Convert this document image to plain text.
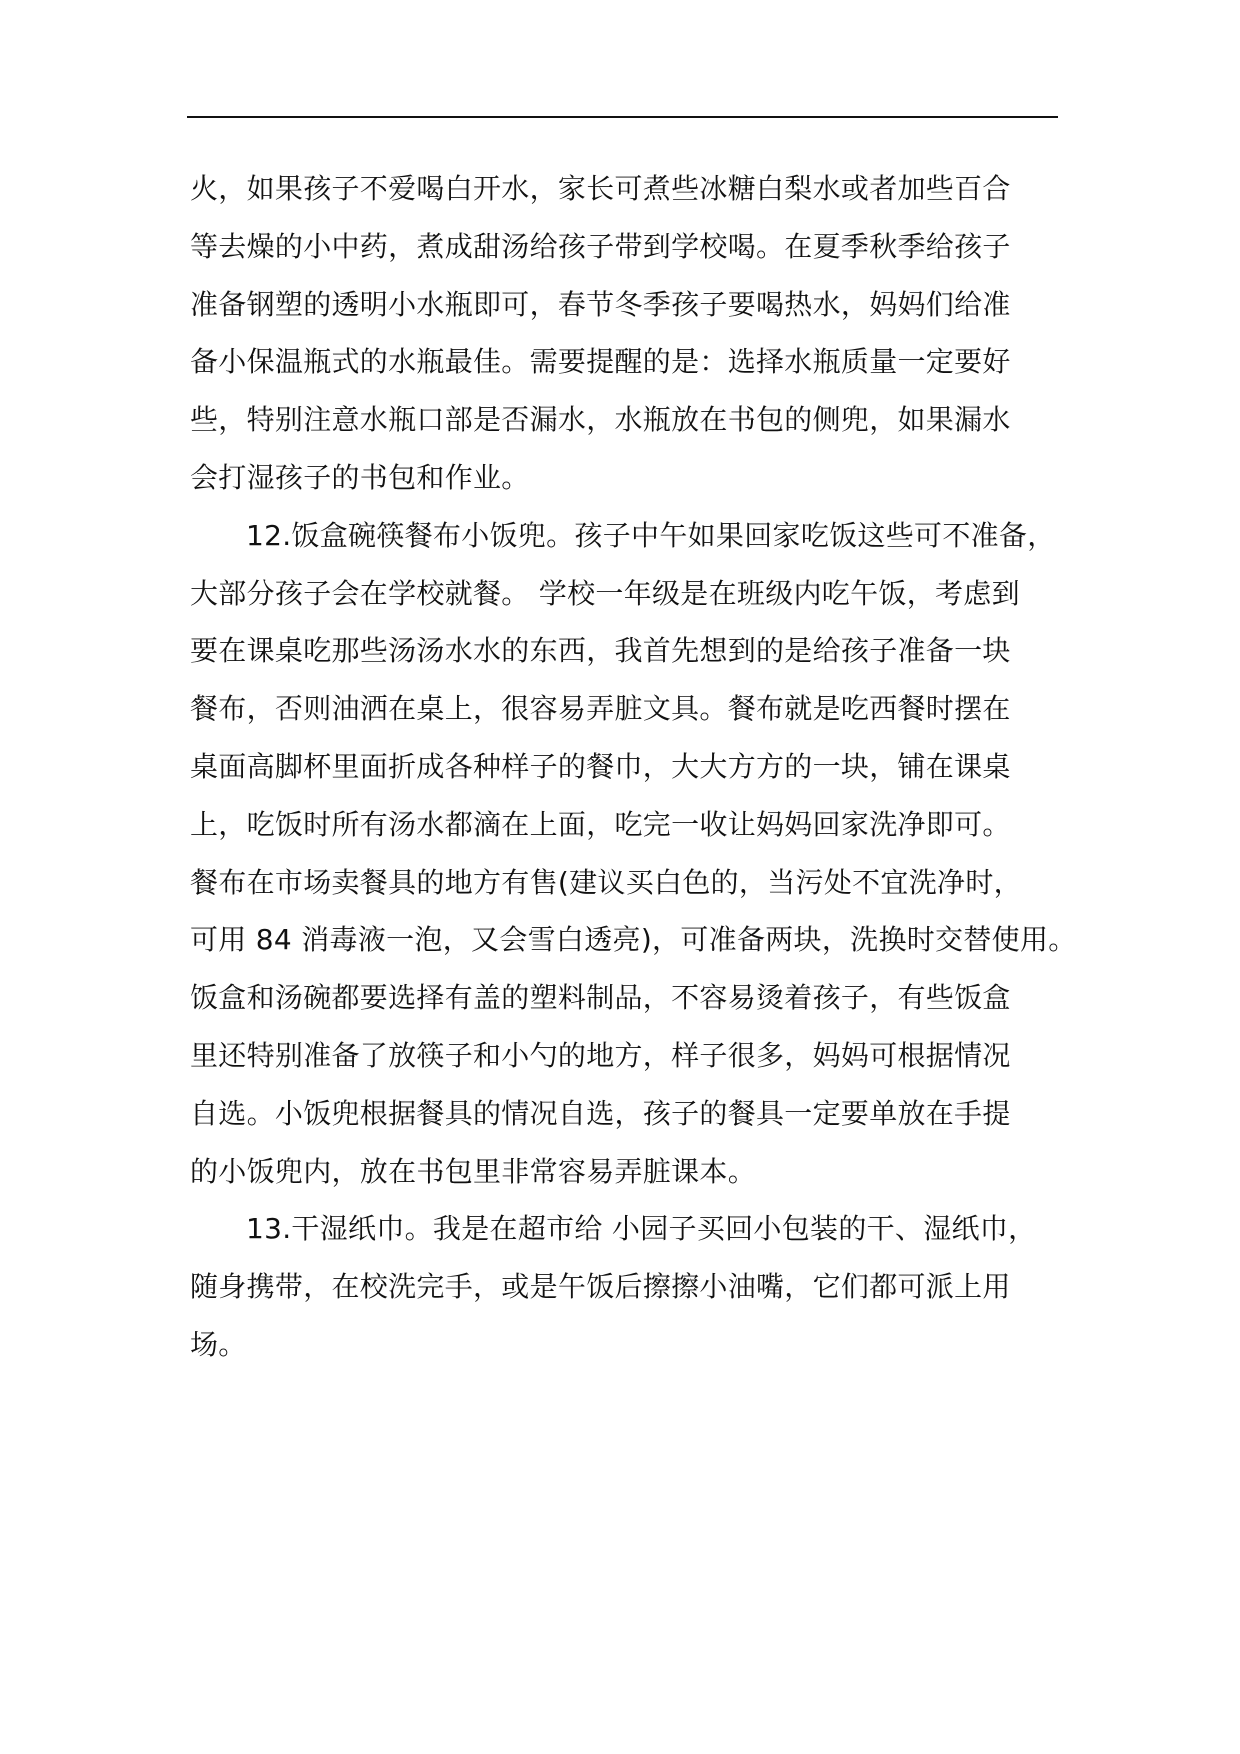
火，如果孩子不爱喝白开水，家长可煮些冰糖白梨水或者加些百合
等去燥的小中药，煮成甜汤给孩子带到学校喝。在夏季秋季给孩子
准备钢塑的透明小水瓶即可，春节冬季孩子要喝热水，妈妈们给准
备小保温瓶式的水瓶最佳。需要提醒的是：选择水瓶质量一定要好
些，特别注意水瓶口部是否漏水，水瓶放在书包的侧兜，如果漏水
会打湿孩子的书包和作业。
12.饭盒碗筷餐布小饭兜。孩子中午如果回家吃饭这些可不准备，
大部分孩子会在学校就餐。 学校一年级是在班级内吃午饭，考虑到
要在课桌吃那些汤汤水水的东西，我首先想到的是给孩子准备一块
餐布，否则油洒在桌上，很容易弄脏文具。餐布就是吃西餐时摆在
桌面高脚杯里面折成各种样子的餐巾，大大方方的一块，铺在课桌
上，吃饭时所有汤水都滴在上面，吃完一收让妈妈回家洗净即可。
餐布在市场卖餐具的地方有售(建议买白色的，当污处不宜洗净时，
可用 84 消毒液一泡，又会雪白透亮)，可准备两块，洗换时交替使用。
饭盒和汤碗都要选择有盖的塑料制品，不容易烫着孩子，有些饭盒
里还特别准备了放筷子和小勺的地方，样子很多，妈妈可根据情况
自选。小饭兜根据餐具的情况自选，孩子的餐具一定要单放在手提
的小饭兜内，放在书包里非常容易弄脏课本。
13.干湿纸巾。我是在超市给 小园子买回小包装的干、湿纸巾，
随身携带，在校洗完手，或是午饭后擦擦小油嘴，它们都可派上用
场。
